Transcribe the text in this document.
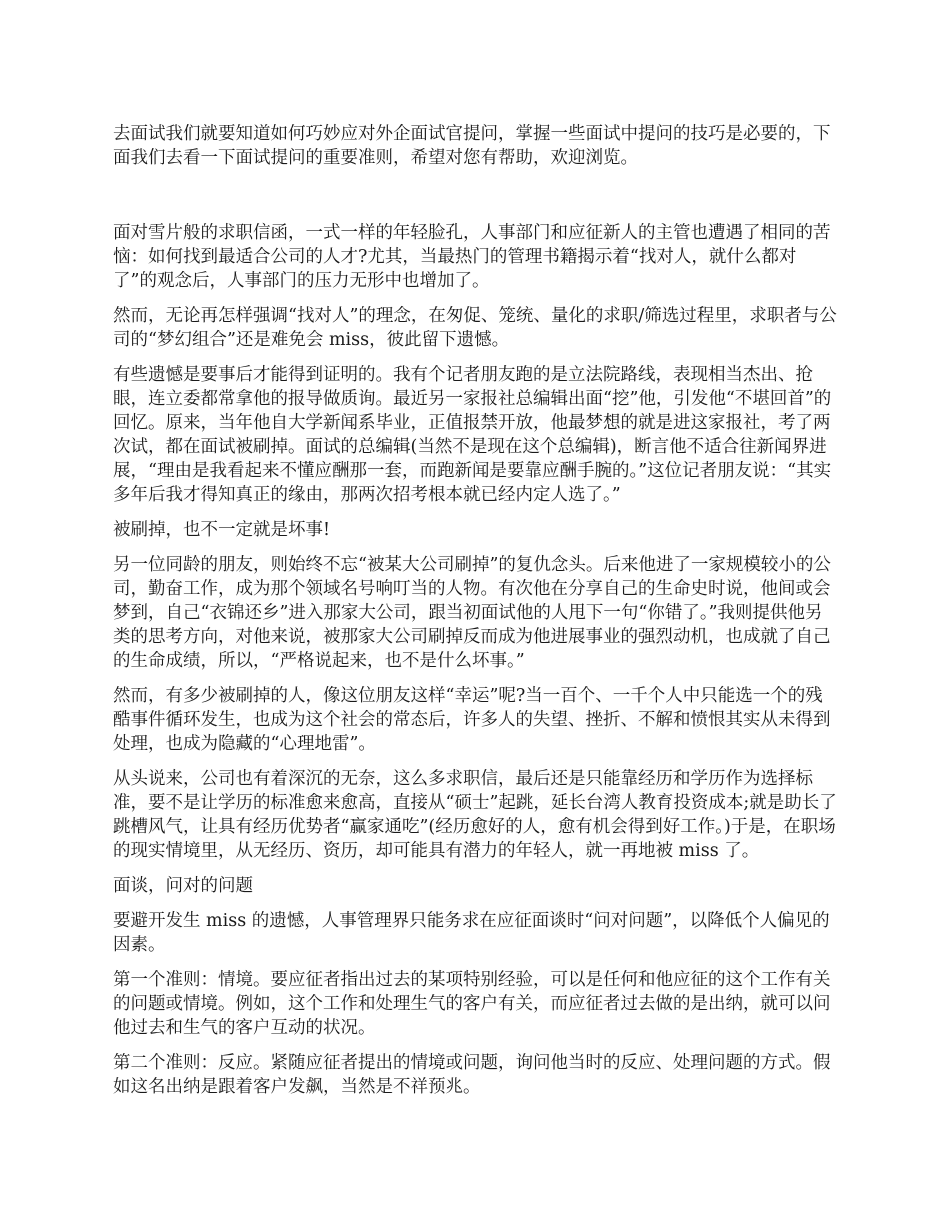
去面试我们就要知道如何巧妙应对外企面试官提问，掌握一些面试中提问的技巧是必要的，下面我们去看一下面试提问的重要准则，希望对您有帮助，欢迎浏览。

面对雪片般的求职信函，一式一样的年轻脸孔，人事部门和应征新人的主管也遭遇了相同的苦恼：如何找到最适合公司的人才?尤其，当最热门的管理书籍揭示着“找对人，就什么都对了”的观念后，人事部门的压力无形中也增加了。

然而，无论再怎样强调“找对人”的理念，在匆促、笼统、量化的求职/筛选过程里，求职者与公司的“梦幻组合”还是难免会 miss，彼此留下遗憾。

有些遗憾是要事后才能得到证明的。我有个记者朋友跑的是立法院路线，表现相当杰出、抢眼，连立委都常拿他的报导做质询。最近另一家报社总编辑出面“挖”他，引发他“不堪回首”的回忆。原来，当年他自大学新闻系毕业，正值报禁开放，他最梦想的就是进这家报社，考了两次试，都在面试被刷掉。面试的总编辑(当然不是现在这个总编辑)，断言他不适合往新闻界进展，“理由是我看起来不懂应酬那一套，而跑新闻是要靠应酬手腕的。”这位记者朋友说：“其实多年后我才得知真正的缘由，那两次招考根本就已经内定人选了。”

被刷掉，也不一定就是坏事!

另一位同龄的朋友，则始终不忘“被某大公司刷掉”的复仇念头。后来他进了一家规模较小的公司，勤奋工作，成为那个领域名号响叮当的人物。有次他在分享自己的生命史时说，他间或会梦到，自己“衣锦还乡”进入那家大公司，跟当初面试他的人甩下一句“你错了。”我则提供他另类的思考方向，对他来说，被那家大公司刷掉反而成为他进展事业的强烈动机，也成就了自己的生命成绩，所以，“严格说起来，也不是什么坏事。”

然而，有多少被刷掉的人，像这位朋友这样“幸运”呢?当一百个、一千个人中只能选一个的残酷事件循环发生，也成为这个社会的常态后，许多人的失望、挫折、不解和愤恨其实从未得到处理，也成为隐藏的“心理地雷”。

从头说来，公司也有着深沉的无奈，这么多求职信，最后还是只能靠经历和学历作为选择标准，要不是让学历的标准愈来愈高，直接从“硕士”起跳，延长台湾人教育投资成本;就是助长了跳槽风气，让具有经历优势者“赢家通吃”(经历愈好的人，愈有机会得到好工作。)于是，在职场的现实情境里，从无经历、资历，却可能具有潜力的年轻人，就一再地被 miss 了。

面谈，问对的问题

要避开发生 miss 的遗憾，人事管理界只能务求在应征面谈时“问对问题”，以降低个人偏见的因素。

第一个准则：情境。要应征者指出过去的某项特别经验，可以是任何和他应征的这个工作有关的问题或情境。例如，这个工作和处理生气的客户有关，而应征者过去做的是出纳，就可以问他过去和生气的客户互动的状况。

第二个准则：反应。紧随应征者提出的情境或问题，询问他当时的反应、处理问题的方式。假如这名出纳是跟着客户发飙，当然是不祥预兆。
